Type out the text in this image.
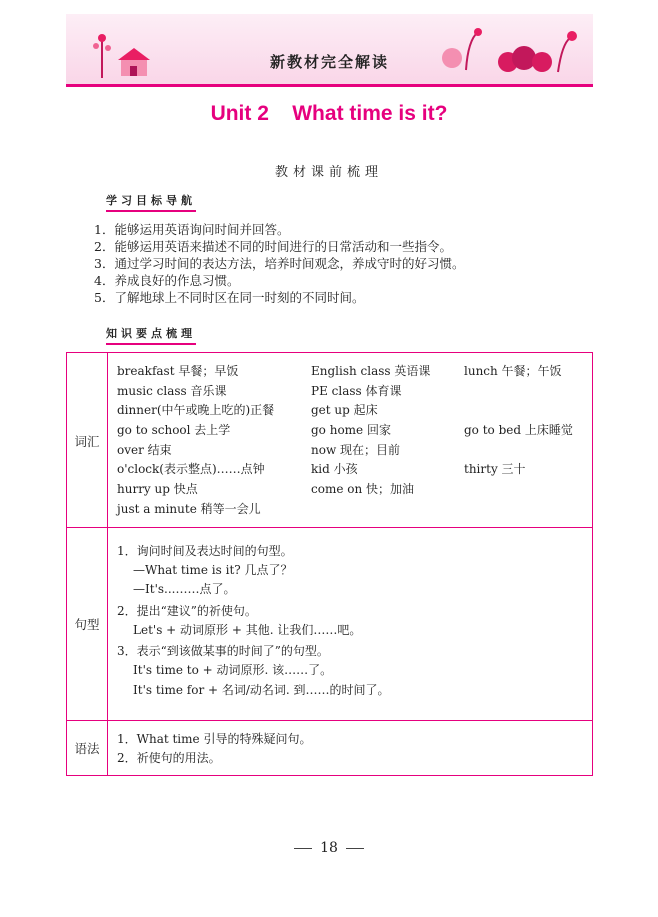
新教材完全解读
Unit 2    What time is it?
教材课前梳理
学习目标导航
1．能够运用英语询问时间并回答。
2．能够运用英语来描述不同的时间进行的日常活动和一些指令。
3．通过学习时间的表达方法，培养时间观念，养成守时的好习惯。
4．养成良好的作息习惯。
5．了解地球上不同时区在同一时刻的不同时间。
知识要点梳理
词汇
breakfast 早餐；早饭
music class 音乐课
dinner(中午或晚上吃的)正餐
go to school 去上学
over 结束
o'clock(表示整点)……点钟
hurry up 快点
just a minute 稍等一会儿
English class 英语课
PE class 体育课
get up 起床
go home 回家
now 现在；目前
kid 小孩
come on 快；加油
lunch 午餐；午饭
go to bed 上床睡觉
thirty 三十
句型
1．询问时间及表达时间的句型。
—What time is it? 几点了？
—It's...……点了。
2．提出“建议”的祈使句。
Let's + 动词原形 + 其他. 让我们……吧。
3．表示“到该做某事的时间了”的句型。
It's time to + 动词原形. 该……了。
It's time for + 名词/动名词. 到……的时间了。
语法
1．What time 引导的特殊疑问句。
2．祈使句的用法。
18
